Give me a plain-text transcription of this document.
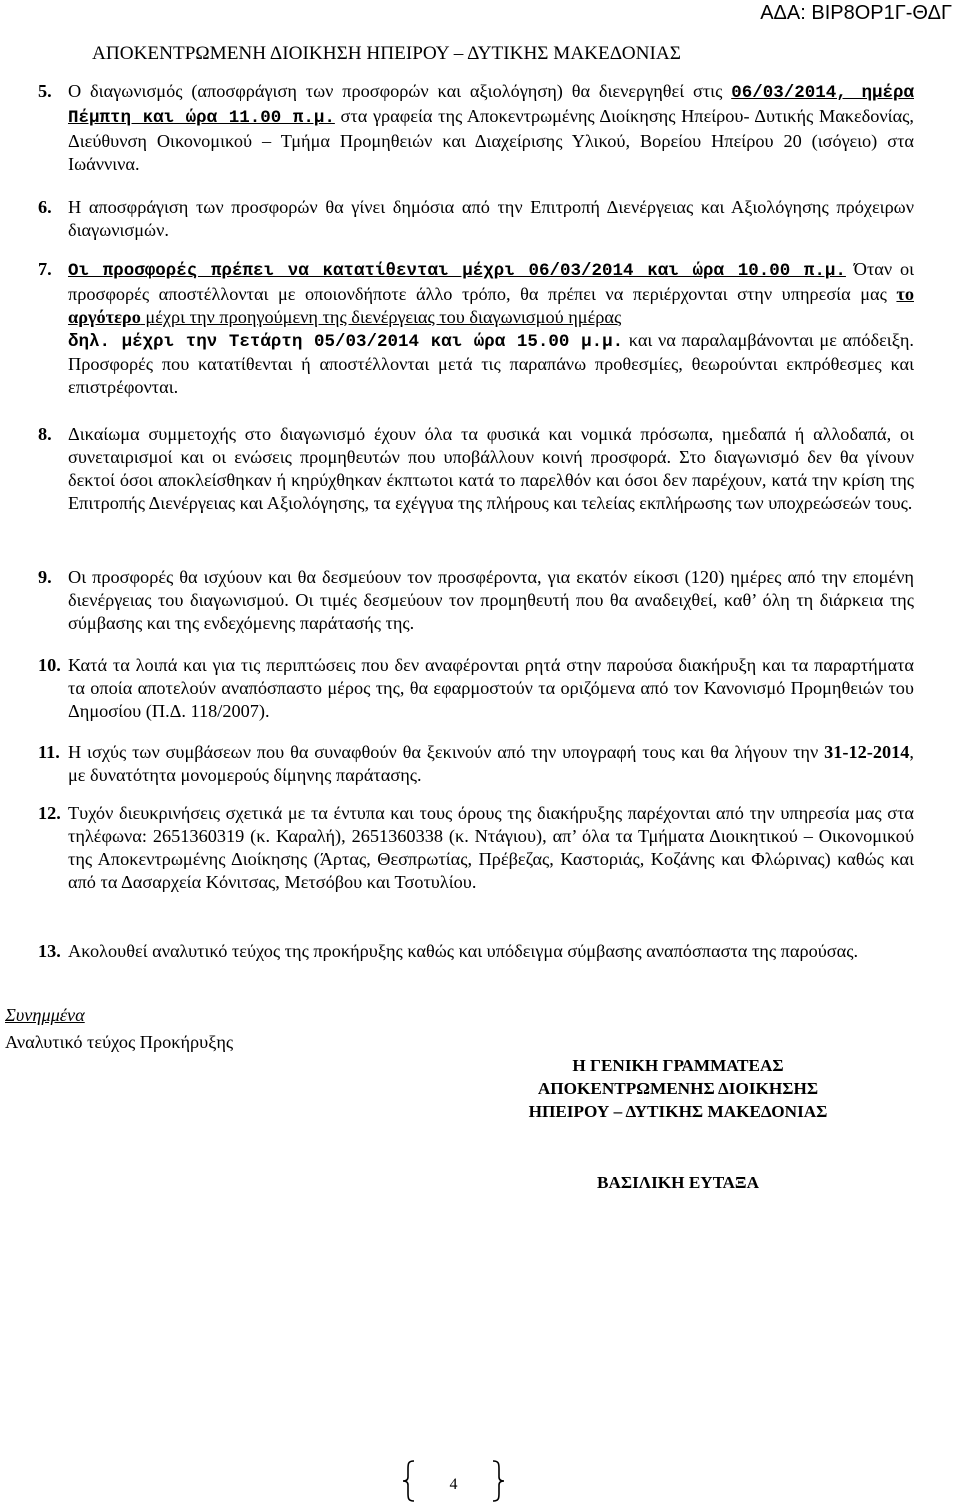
ΑΔΑ: ΒΙΡ8ΟΡ1Γ-ΘΔΓ

ΑΠΟΚΕΝΤΡΩΜΕΝΗ ΔΙΟΙΚΗΣΗ ΗΠΕΙΡΟΥ – ΔΥΤΙΚΗΣ ΜΑΚΕΔΟΝΙΑΣ

5. Ο διαγωνισμός (αποσφράγιση των προσφορών και αξιολόγηση) θα διενεργηθεί στις 06/03/2014, ημέρα Πέμπτη και ώρα 11.00 π.μ. στα γραφεία της Αποκεντρωμένης Διοίκησης Ηπείρου- Δυτικής Μακεδονίας, Διεύθυνση Οικονομικού – Τμήμα Προμηθειών και Διαχείρισης Υλικού, Βορείου Ηπείρου 20 (ισόγειο) στα Ιωάννινα.
6. Η αποσφράγιση των προσφορών θα γίνει δημόσια από την Επιτροπή Διενέργειας και Αξιολόγησης πρόχειρων διαγωνισμών.
7. Οι προσφορές πρέπει να κατατίθενται μέχρι 06/03/2014 και ώρα 10.00 π.μ. Όταν οι προσφορές αποστέλλονται με οποιονδήποτε άλλο τρόπο, θα πρέπει να περιέρχονται στην υπηρεσία μας το αργότερο μέχρι την προηγούμενη της διενέργειας του διαγωνισμού ημέρας
δηλ. μέχρι την Τετάρτη 05/03/2014 και ώρα 15.00 μ.μ. και να παραλαμβάνονται με απόδειξη. Προσφορές που κατατίθενται ή αποστέλλονται μετά τις παραπάνω προθεσμίες, θεωρούνται εκπρόθεσμες και επιστρέφονται.
8. Δικαίωμα συμμετοχής στο διαγωνισμό έχουν όλα τα φυσικά και νομικά πρόσωπα, ημεδαπά ή αλλοδαπά, οι συνεταιρισμοί και οι ενώσεις προμηθευτών που υποβάλλουν κοινή προσφορά. Στο διαγωνισμό δεν θα γίνουν δεκτοί όσοι αποκλείσθηκαν ή κηρύχθηκαν έκπτωτοι κατά το παρελθόν και όσοι δεν παρέχουν, κατά την κρίση της Επιτροπής Διενέργειας και Αξιολόγησης, τα εχέγγυα της πλήρους και τελείας εκπλήρωσης των υποχρεώσεών τους.
9. Οι προσφορές θα ισχύουν και θα δεσμεύουν τον προσφέροντα, για εκατόν είκοσι (120) ημέρες από την επομένη διενέργειας του διαγωνισμού. Οι τιμές δεσμεύουν τον προμηθευτή που θα αναδειχθεί, καθ’ όλη τη διάρκεια της σύμβασης και της ενδεχόμενης παράτασής της.
10. Κατά τα λοιπά και για τις περιπτώσεις που δεν αναφέρονται ρητά στην παρούσα διακήρυξη και τα παραρτήματα τα οποία αποτελούν αναπόσπαστο μέρος της, θα εφαρμοστούν τα οριζόμενα από τον Κανονισμό Προμηθειών του Δημοσίου (Π.Δ. 118/2007).
11. Η ισχύς των συμβάσεων που θα συναφθούν θα ξεκινούν από την υπογραφή τους και θα λήγουν την 31-12-2014, με δυνατότητα μονομερούς δίμηνης παράτασης.
12. Τυχόν διευκρινήσεις σχετικά με τα έντυπα και τους όρους της διακήρυξης παρέχονται από την υπηρεσία μας στα τηλέφωνα: 2651360319 (κ. Καραλή), 2651360338 (κ. Ντάγιου), απ’ όλα τα Τμήματα Διοικητικού – Οικονομικού της Αποκεντρωμένης Διοίκησης (Άρτας, Θεσπρωτίας, Πρέβεζας, Καστοριάς, Κοζάνης και Φλώρινας) καθώς και από τα Δασαρχεία Κόνιτσας, Μετσόβου και Τσοτυλίου.
13. Ακολουθεί αναλυτικό τεύχος της προκήρυξης καθώς και υπόδειγμα σύμβασης αναπόσπαστα της παρούσας.

Συνημμένα

Αναλυτικό τεύχος Προκήρυξης

Η ΓΕΝΙΚΗ ΓΡΑΜΜΑΤΕΑΣ

ΑΠΟΚΕΝΤΡΩΜΕΝΗΣ ΔΙΟΙΚΗΣΗΣ

ΗΠΕΙΡΟΥ – ΔΥΤΙΚΗΣ ΜΑΚΕΔΟΝΙΑΣ

ΒΑΣΙΛΙΚΗ ΕΥΤΑΞΑ

4
